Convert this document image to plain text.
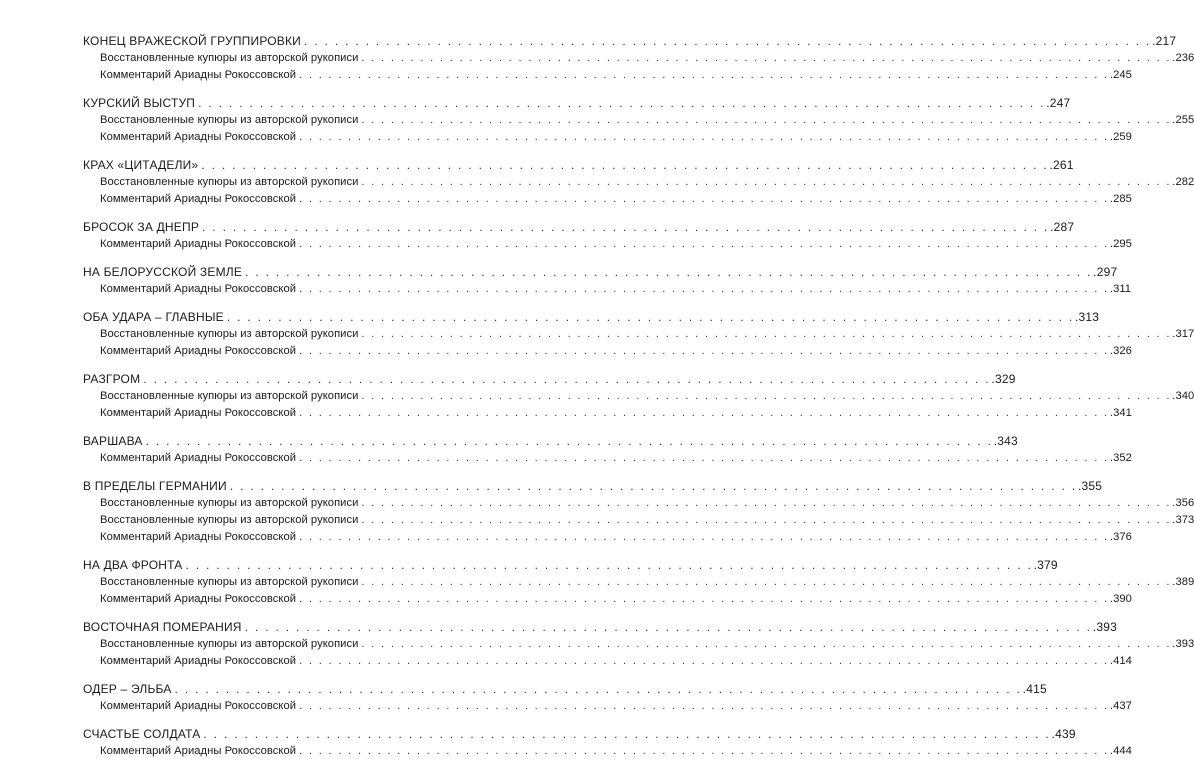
КОНЕЦ ВРАЖЕСКОЙ ГРУППИРОВКИ . . . . . . . . . . . . . . . . . . . . . . . . . . . . . . . . . . . . . . . . . . . . . . . . . . . . . . . . . . . . . . . . . . . . . . . . . . . . . . . . . . . .217
Восстановленные купюры из авторской рукописи . . . . . . . . . . . . . . . . . . . . . . . . . . . . . . . . . . . . . . . . . . . . . . . . . . . . . . . . . . . . . . . . . . . . . . . . . . . . . . . . . . . .236
Комментарий Ариадны Рокоссовской . . . . . . . . . . . . . . . . . . . . . . . . . . . . . . . . . . . . . . . . . . . . . . . . . . . . . . . . . . . . . . . . . . . . . . . . . . . . . . . . . . . .245
КУРСКИЙ ВЫСТУП . . . . . . . . . . . . . . . . . . . . . . . . . . . . . . . . . . . . . . . . . . . . . . . . . . . . . . . . . . . . . . . . . . . . . . . . . . . . . . . . . . . .247
Восстановленные купюры из авторской рукописи . . . . . . . . . . . . . . . . . . . . . . . . . . . . . . . . . . . . . . . . . . . . . . . . . . . . . . . . . . . . . . . . . . . . . . . . . . . . . . . . . . . .255
Комментарий Ариадны Рокоссовской . . . . . . . . . . . . . . . . . . . . . . . . . . . . . . . . . . . . . . . . . . . . . . . . . . . . . . . . . . . . . . . . . . . . . . . . . . . . . . . . . . . .259
КРАХ «ЦИТАДЕЛИ» . . . . . . . . . . . . . . . . . . . . . . . . . . . . . . . . . . . . . . . . . . . . . . . . . . . . . . . . . . . . . . . . . . . . . . . . . . . . . . . . . . . .261
Восстановленные купюры из авторской рукописи . . . . . . . . . . . . . . . . . . . . . . . . . . . . . . . . . . . . . . . . . . . . . . . . . . . . . . . . . . . . . . . . . . . . . . . . . . . . . . . . . . . .282
Комментарий Ариадны Рокоссовской . . . . . . . . . . . . . . . . . . . . . . . . . . . . . . . . . . . . . . . . . . . . . . . . . . . . . . . . . . . . . . . . . . . . . . . . . . . . . . . . . . . .285
БРОСОК ЗА ДНЕПР . . . . . . . . . . . . . . . . . . . . . . . . . . . . . . . . . . . . . . . . . . . . . . . . . . . . . . . . . . . . . . . . . . . . . . . . . . . . . . . . . . . .287
Комментарий Ариадны Рокоссовской . . . . . . . . . . . . . . . . . . . . . . . . . . . . . . . . . . . . . . . . . . . . . . . . . . . . . . . . . . . . . . . . . . . . . . . . . . . . . . . . . . . .295
НА БЕЛОРУССКОЙ ЗЕМЛЕ . . . . . . . . . . . . . . . . . . . . . . . . . . . . . . . . . . . . . . . . . . . . . . . . . . . . . . . . . . . . . . . . . . . . . . . . . . . . . . . . . . . .297
Комментарий Ариадны Рокоссовской . . . . . . . . . . . . . . . . . . . . . . . . . . . . . . . . . . . . . . . . . . . . . . . . . . . . . . . . . . . . . . . . . . . . . . . . . . . . . . . . . . . .311
ОБА УДАРА – ГЛАВНЫЕ . . . . . . . . . . . . . . . . . . . . . . . . . . . . . . . . . . . . . . . . . . . . . . . . . . . . . . . . . . . . . . . . . . . . . . . . . . . . . . . . . . . .313
Восстановленные купюры из авторской рукописи . . . . . . . . . . . . . . . . . . . . . . . . . . . . . . . . . . . . . . . . . . . . . . . . . . . . . . . . . . . . . . . . . . . . . . . . . . . . . . . . . . . .317
Комментарий Ариадны Рокоссовской . . . . . . . . . . . . . . . . . . . . . . . . . . . . . . . . . . . . . . . . . . . . . . . . . . . . . . . . . . . . . . . . . . . . . . . . . . . . . . . . . . . .326
РАЗГРОМ . . . . . . . . . . . . . . . . . . . . . . . . . . . . . . . . . . . . . . . . . . . . . . . . . . . . . . . . . . . . . . . . . . . . . . . . . . . . . . . . . . . .329
Восстановленные купюры из авторской рукописи . . . . . . . . . . . . . . . . . . . . . . . . . . . . . . . . . . . . . . . . . . . . . . . . . . . . . . . . . . . . . . . . . . . . . . . . . . . . . . . . . . . .340
Комментарий Ариадны Рокоссовской . . . . . . . . . . . . . . . . . . . . . . . . . . . . . . . . . . . . . . . . . . . . . . . . . . . . . . . . . . . . . . . . . . . . . . . . . . . . . . . . . . . .341
ВАРШАВА . . . . . . . . . . . . . . . . . . . . . . . . . . . . . . . . . . . . . . . . . . . . . . . . . . . . . . . . . . . . . . . . . . . . . . . . . . . . . . . . . . . .343
Комментарий Ариадны Рокоссовской . . . . . . . . . . . . . . . . . . . . . . . . . . . . . . . . . . . . . . . . . . . . . . . . . . . . . . . . . . . . . . . . . . . . . . . . . . . . . . . . . . . .352
В ПРЕДЕЛЫ ГЕРМАНИИ . . . . . . . . . . . . . . . . . . . . . . . . . . . . . . . . . . . . . . . . . . . . . . . . . . . . . . . . . . . . . . . . . . . . . . . . . . . . . . . . . . . .355
Восстановленные купюры из авторской рукописи . . . . . . . . . . . . . . . . . . . . . . . . . . . . . . . . . . . . . . . . . . . . . . . . . . . . . . . . . . . . . . . . . . . . . . . . . . . . . . . . . . . .356
Восстановленные купюры из авторской рукописи . . . . . . . . . . . . . . . . . . . . . . . . . . . . . . . . . . . . . . . . . . . . . . . . . . . . . . . . . . . . . . . . . . . . . . . . . . . . . . . . . . . .373
Комментарий Ариадны Рокоссовской . . . . . . . . . . . . . . . . . . . . . . . . . . . . . . . . . . . . . . . . . . . . . . . . . . . . . . . . . . . . . . . . . . . . . . . . . . . . . . . . . . . .376
НА ДВА ФРОНТА . . . . . . . . . . . . . . . . . . . . . . . . . . . . . . . . . . . . . . . . . . . . . . . . . . . . . . . . . . . . . . . . . . . . . . . . . . . . . . . . . . . .379
Восстановленные купюры из авторской рукописи . . . . . . . . . . . . . . . . . . . . . . . . . . . . . . . . . . . . . . . . . . . . . . . . . . . . . . . . . . . . . . . . . . . . . . . . . . . . . . . . . . . .389
Комментарий Ариадны Рокоссовской . . . . . . . . . . . . . . . . . . . . . . . . . . . . . . . . . . . . . . . . . . . . . . . . . . . . . . . . . . . . . . . . . . . . . . . . . . . . . . . . . . . .390
ВОСТОЧНАЯ ПОМЕРАНИЯ . . . . . . . . . . . . . . . . . . . . . . . . . . . . . . . . . . . . . . . . . . . . . . . . . . . . . . . . . . . . . . . . . . . . . . . . . . . . . . . . . . . .393
Восстановленные купюры из авторской рукописи . . . . . . . . . . . . . . . . . . . . . . . . . . . . . . . . . . . . . . . . . . . . . . . . . . . . . . . . . . . . . . . . . . . . . . . . . . . . . . . . . . . .393
Комментарий Ариадны Рокоссовской . . . . . . . . . . . . . . . . . . . . . . . . . . . . . . . . . . . . . . . . . . . . . . . . . . . . . . . . . . . . . . . . . . . . . . . . . . . . . . . . . . . .414
ОДЕР – ЭЛЬБА . . . . . . . . . . . . . . . . . . . . . . . . . . . . . . . . . . . . . . . . . . . . . . . . . . . . . . . . . . . . . . . . . . . . . . . . . . . . . . . . . . . .415
Комментарий Ариадны Рокоссовской . . . . . . . . . . . . . . . . . . . . . . . . . . . . . . . . . . . . . . . . . . . . . . . . . . . . . . . . . . . . . . . . . . . . . . . . . . . . . . . . . . . .437
СЧАСТЬЕ СОЛДАТА . . . . . . . . . . . . . . . . . . . . . . . . . . . . . . . . . . . . . . . . . . . . . . . . . . . . . . . . . . . . . . . . . . . . . . . . . . . . . . . . . . . .439
Комментарий Ариадны Рокоссовской . . . . . . . . . . . . . . . . . . . . . . . . . . . . . . . . . . . . . . . . . . . . . . . . . . . . . . . . . . . . . . . . . . . . . . . . . . . . . . . . . . . .444
